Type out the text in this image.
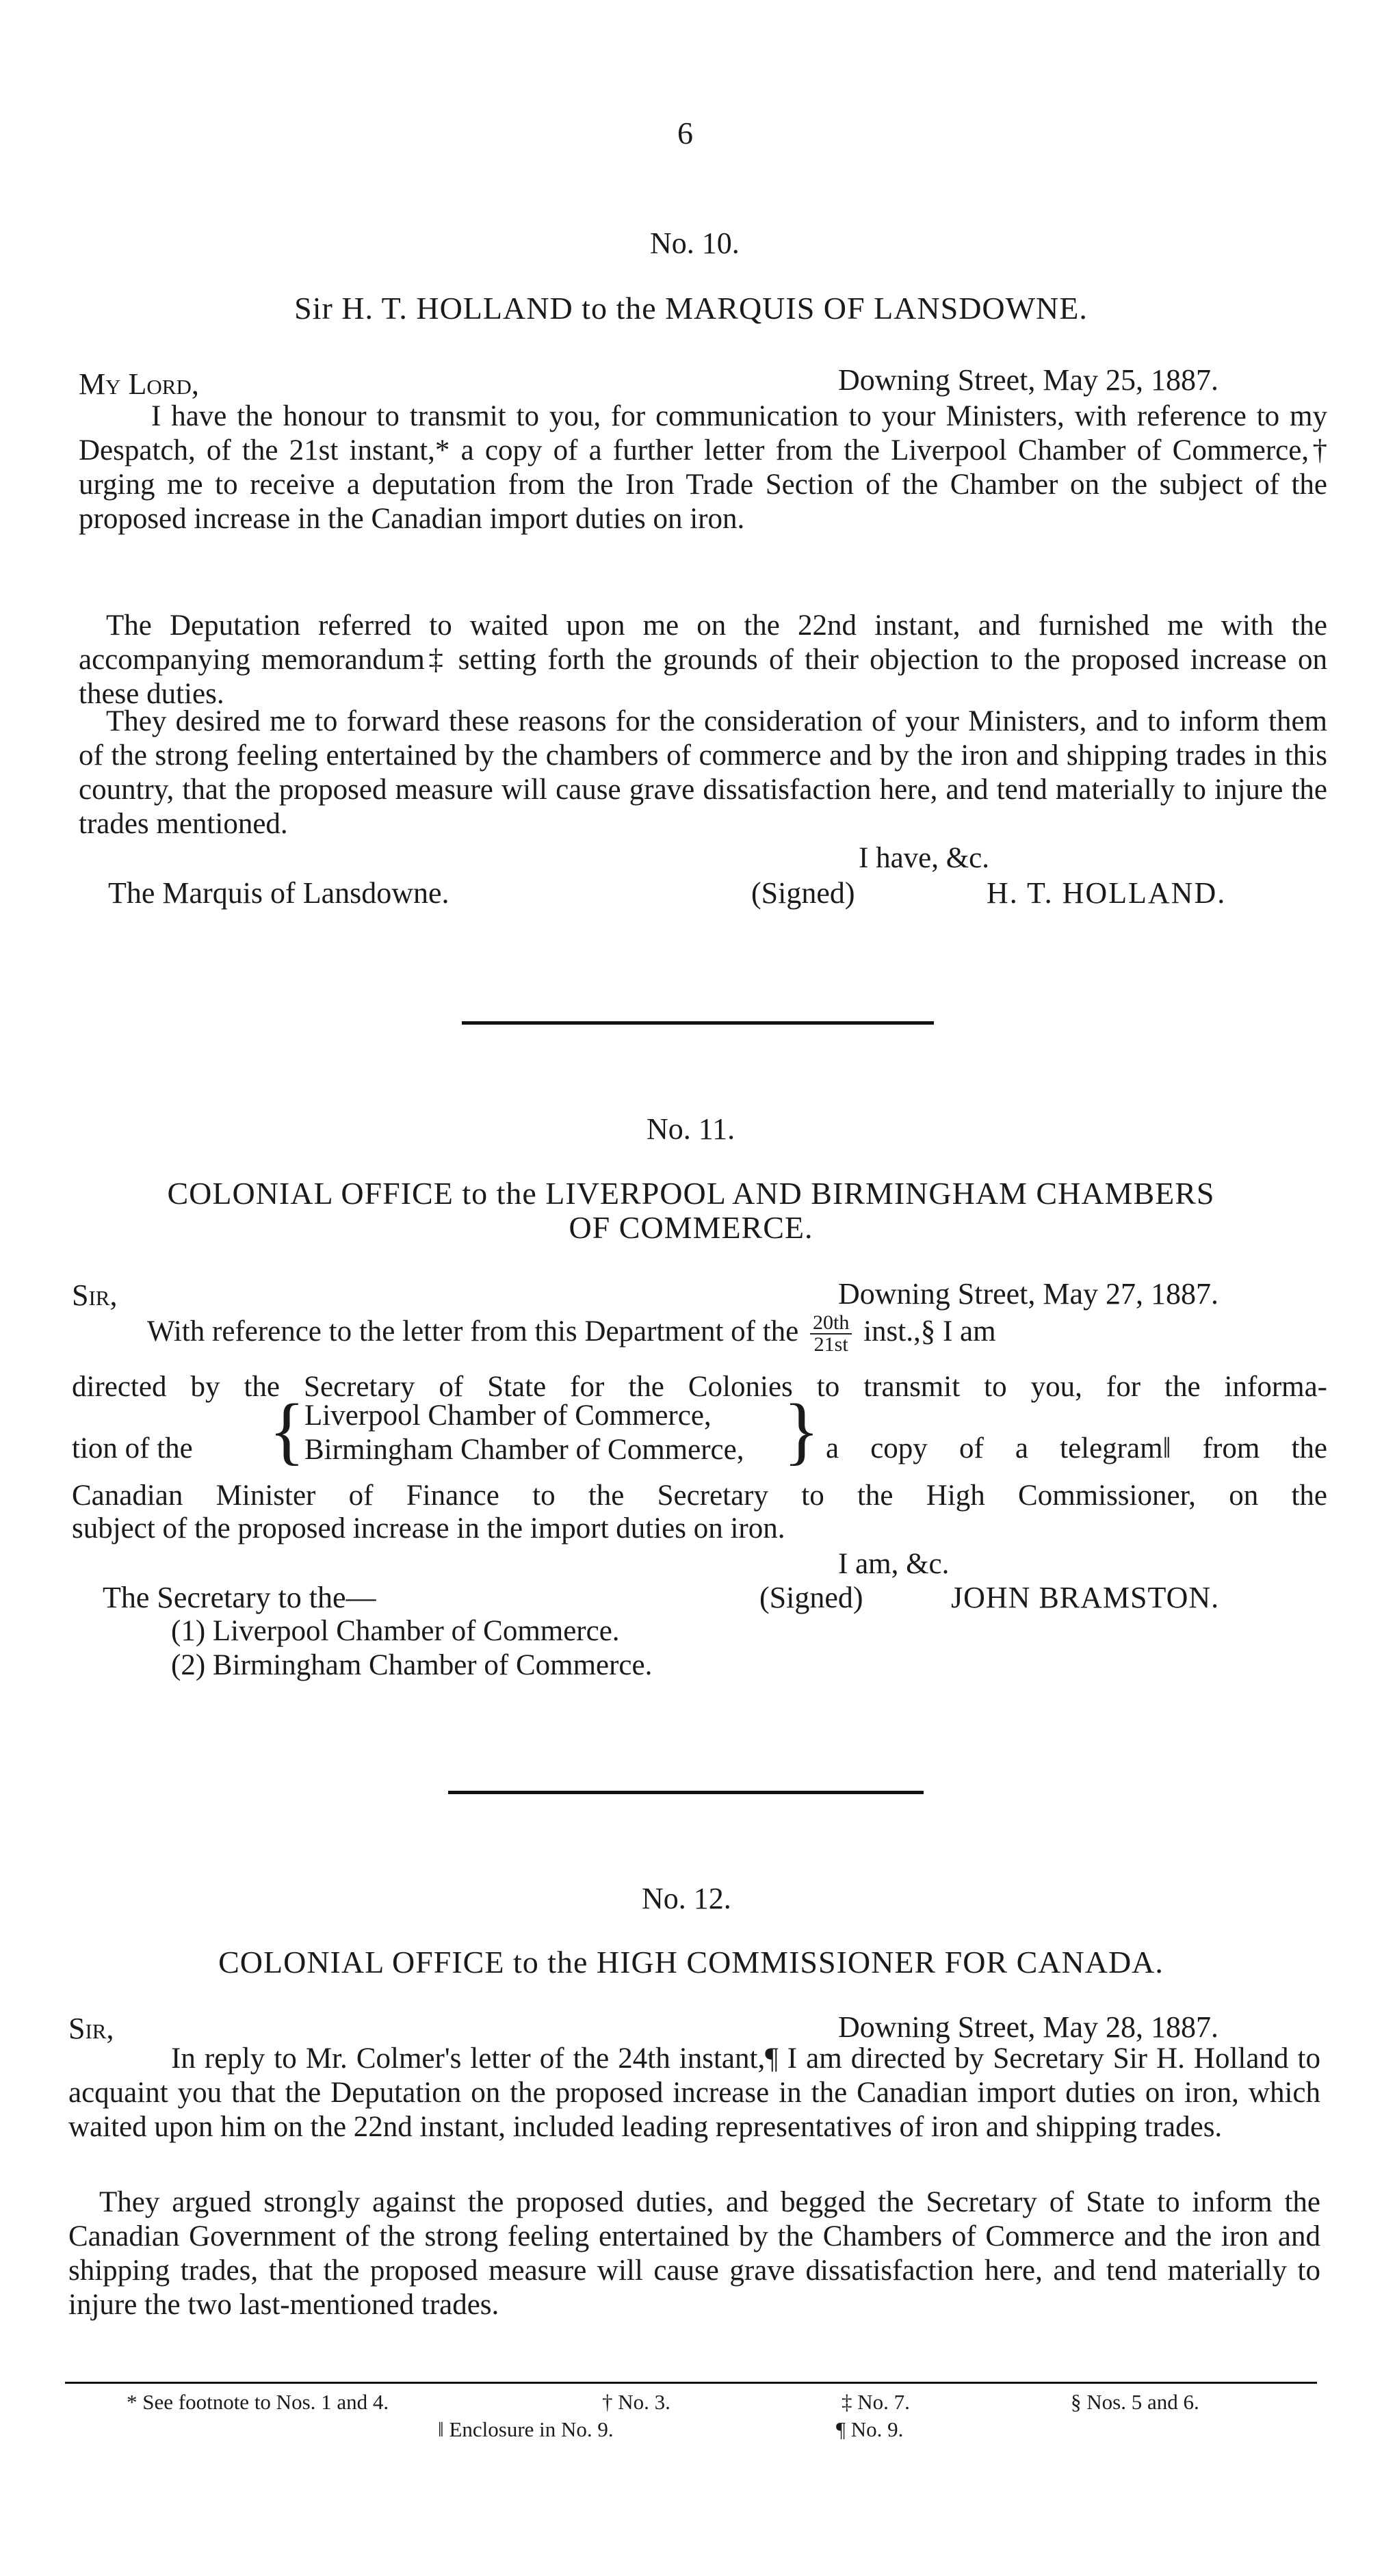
6
No. 10.
Sir H. T. HOLLAND to the MARQUIS OF LANSDOWNE.
My Lord,	Downing Street, May 25, 1887.
I have the honour to transmit to you, for communication to your Ministers, with reference to my Despatch, of the 21st instant,* a copy of a further letter from the Liverpool Chamber of Commerce,† urging me to receive a deputation from the Iron Trade Section of the Chamber on the subject of the proposed increase in the Canadian import duties on iron.
The Deputation referred to waited upon me on the 22nd instant, and furnished me with the accompanying memorandum‡ setting forth the grounds of their objection to the proposed increase on these duties.
They desired me to forward these reasons for the consideration of your Ministers, and to inform them of the strong feeling entertained by the chambers of commerce and by the iron and shipping trades in this country, that the proposed measure will cause grave dissatisfaction here, and tend materially to injure the trades mentioned.
I have, &c.
The Marquis of Lansdowne.	(Signed)	H. T. HOLLAND.
No. 11.
COLONIAL OFFICE to the LIVERPOOL AND BIRMINGHAM CHAMBERS
OF COMMERCE.
Sir,	Downing Street, May 27, 1887.
With reference to the letter from this Department of the $\frac{20th}{21st}$ inst.,§ I am
directed by the Secretary of State for the Colonies to transmit to you, for the informa-
tion of the { Liverpool Chamber of Commerce,
Birmingham Chamber of Commerce, } a copy of a telegram‖ from the
Canadian Minister of Finance to the Secretary to the High Commissioner, on the
subject of the proposed increase in the import duties on iron.
I am, &c.
The Secretary to the—	(Signed)	JOHN BRAMSTON.
(1) Liverpool Chamber of Commerce.
(2) Birmingham Chamber of Commerce.
No. 12.
COLONIAL OFFICE to the HIGH COMMISSIONER FOR CANADA.
Sir,	Downing Street, May 28, 1887.
In reply to Mr. Colmer's letter of the 24th instant,¶ I am directed by Secretary Sir H. Holland to acquaint you that the Deputation on the proposed increase in the Canadian import duties on iron, which waited upon him on the 22nd instant, included leading representatives of iron and shipping trades.
They argued strongly against the proposed duties, and begged the Secretary of State to inform the Canadian Government of the strong feeling entertained by the Chambers of Commerce and the iron and shipping trades, that the proposed measure will cause grave dissatisfaction here, and tend materially to injure the two last-mentioned trades.
* See footnote to Nos. 1 and 4.	† No. 3.	‡ No. 7.	§ Nos. 5 and 6.
‖ Enclosure in No. 9.	¶ No. 9.
